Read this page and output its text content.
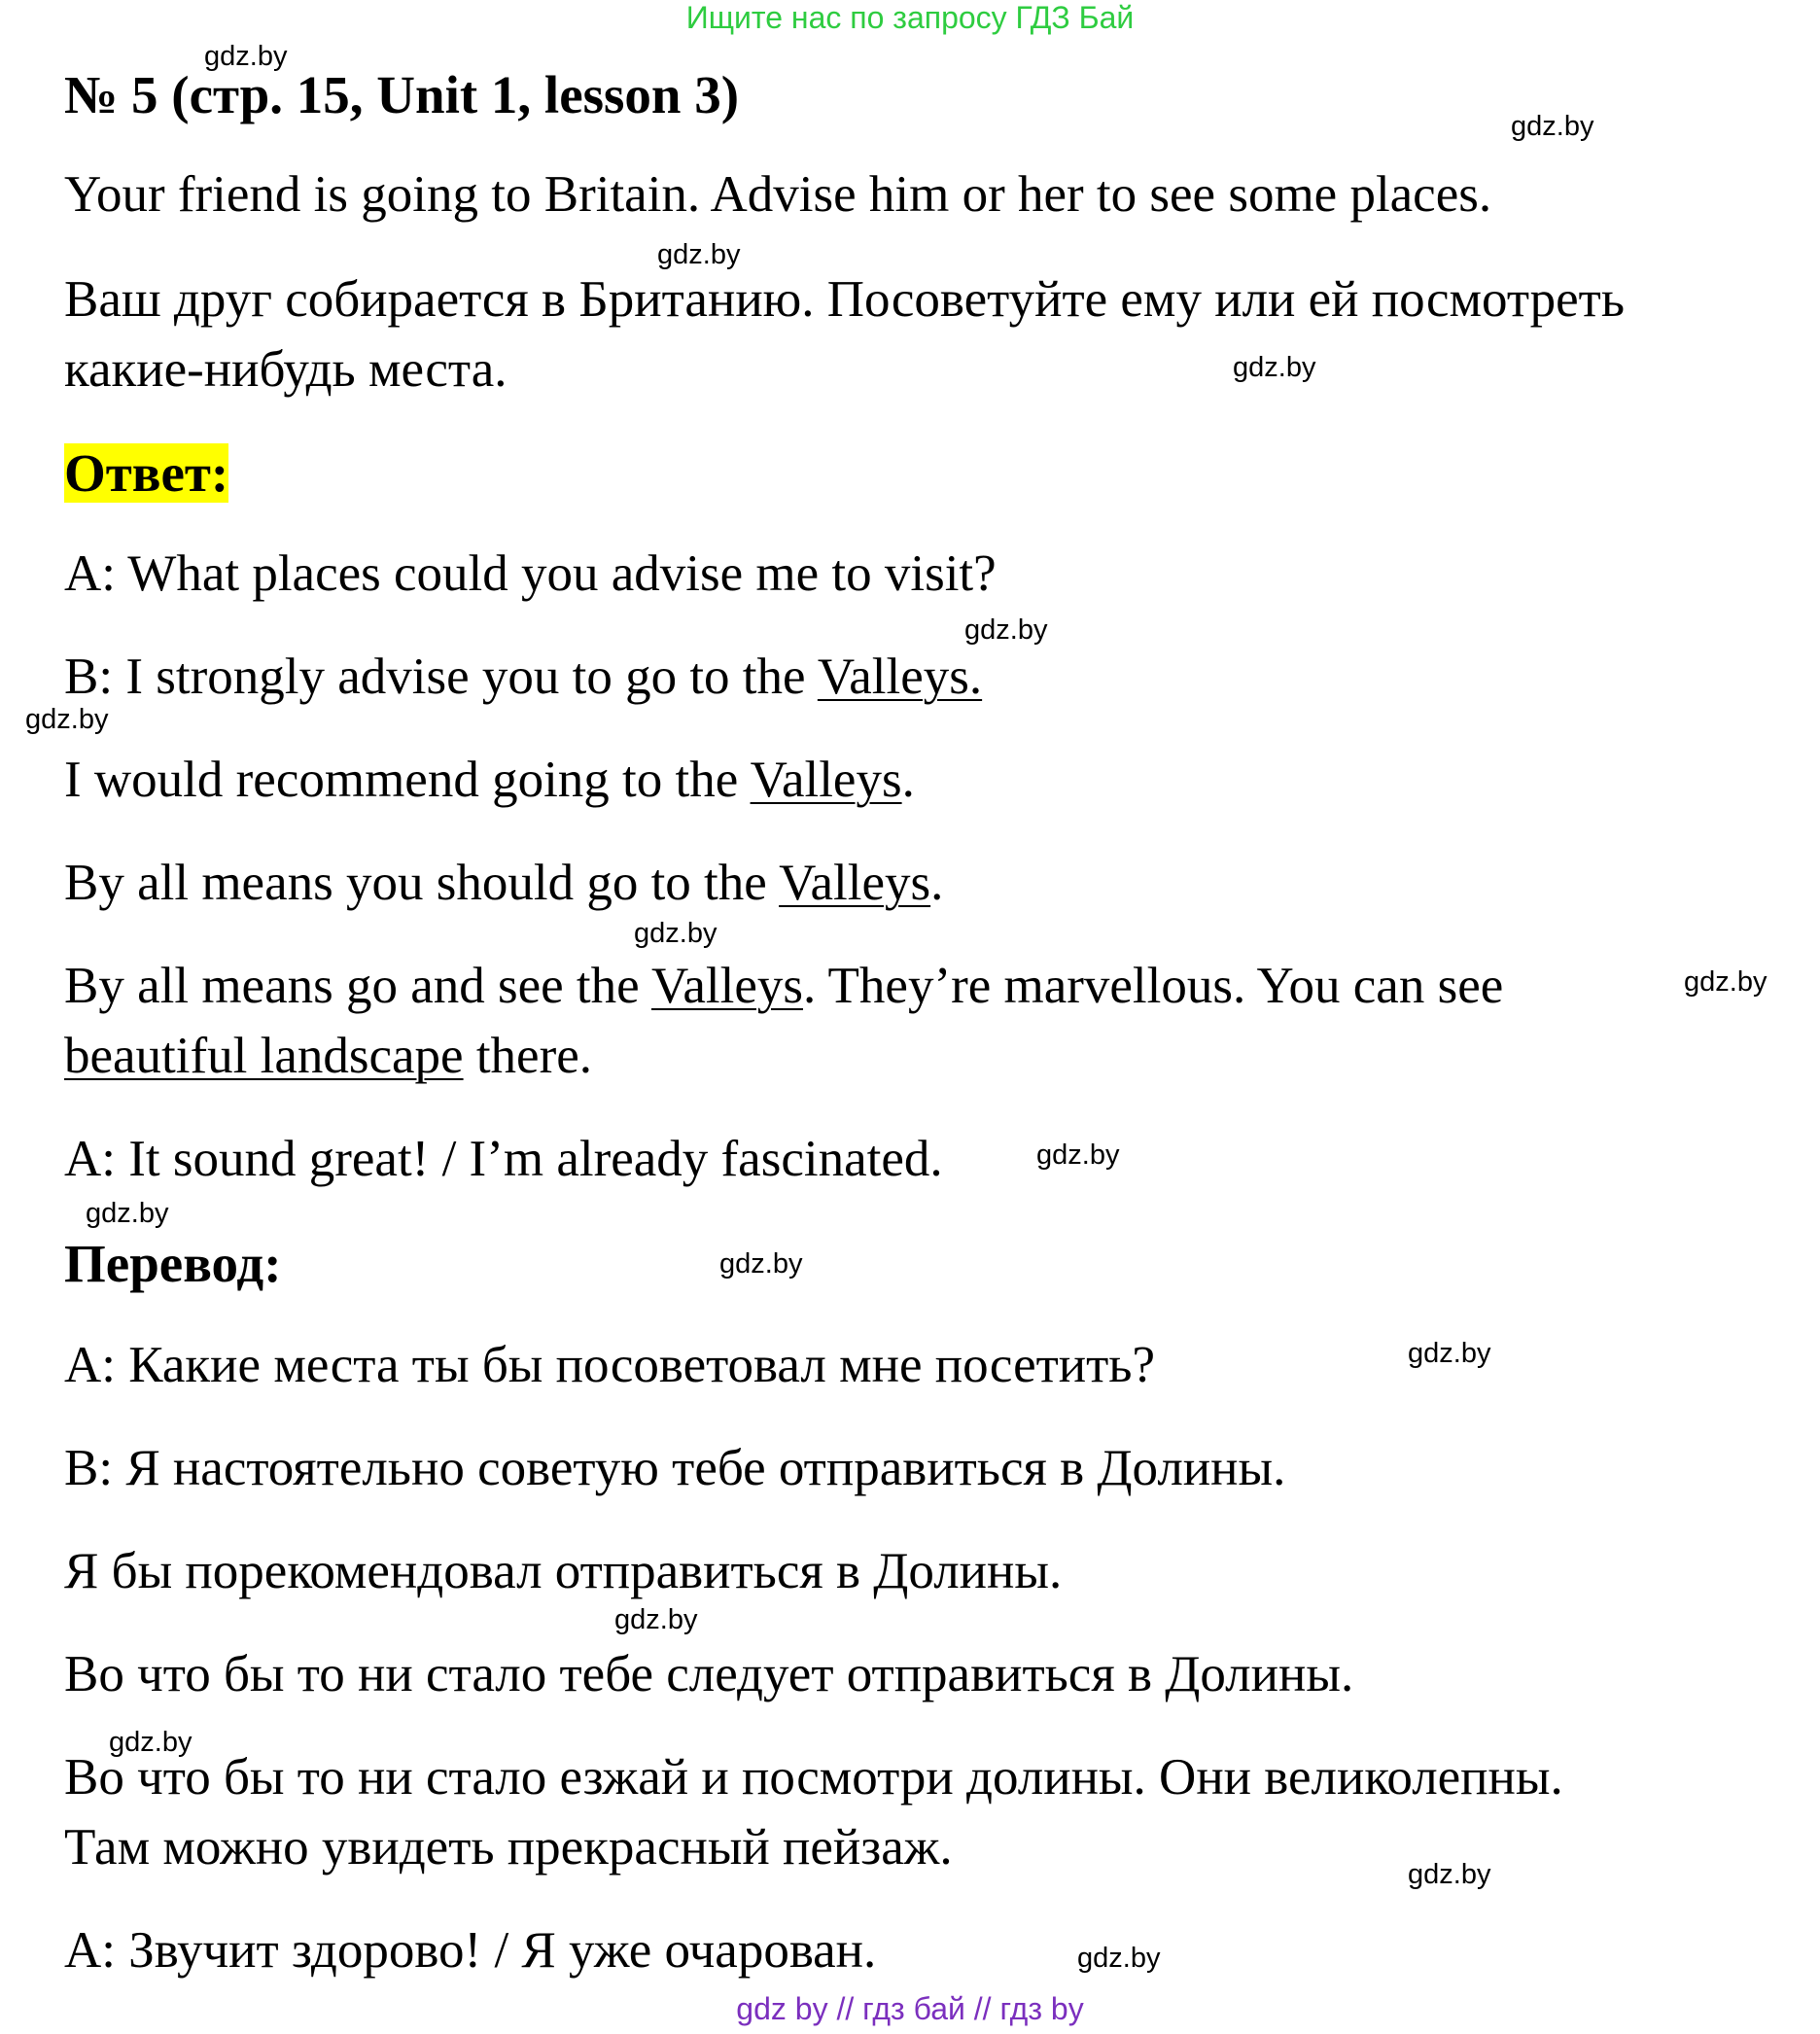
Ищите нас по запросу ГДЗ Бай
№ 5 (стр. 15, Unit 1, lesson 3)
Your friend is going to Britain. Advise him or her to see some places.
Ваш друг собирается в Британию. Посоветуйте ему или ей посмотреть
какие-нибудь места.
Ответ:
A: What places could you advise me to visit?
B: I strongly advise you to go to the Valleys.
I would recommend going to the Valleys.
By all means you should go to the Valleys.
By all means go and see the Valleys. They’re marvellous. You can see
beautiful landscape there.
A: It sound great! / I’m already fascinated.
Перевод:
A: Какие места ты бы посоветовал мне посетить?
B: Я настоятельно советую тебе отправиться в Долины.
Я бы порекомендовал отправиться в Долины.
Во что бы то ни стало тебе следует отправиться в Долины.
Во что бы то ни стало езжай и посмотри долины. Они великолепны.
Там можно увидеть прекрасный пейзаж.
A: Звучит здорово! / Я уже очарован.
gdz.by
gdz.by
gdz.by
gdz.by
gdz.by
gdz.by
gdz.by
gdz.by
gdz.by
gdz.by
gdz.by
gdz.by
gdz.by
gdz.by
gdz.by
gdz.by
gdz by // гдз бай // гдз by
